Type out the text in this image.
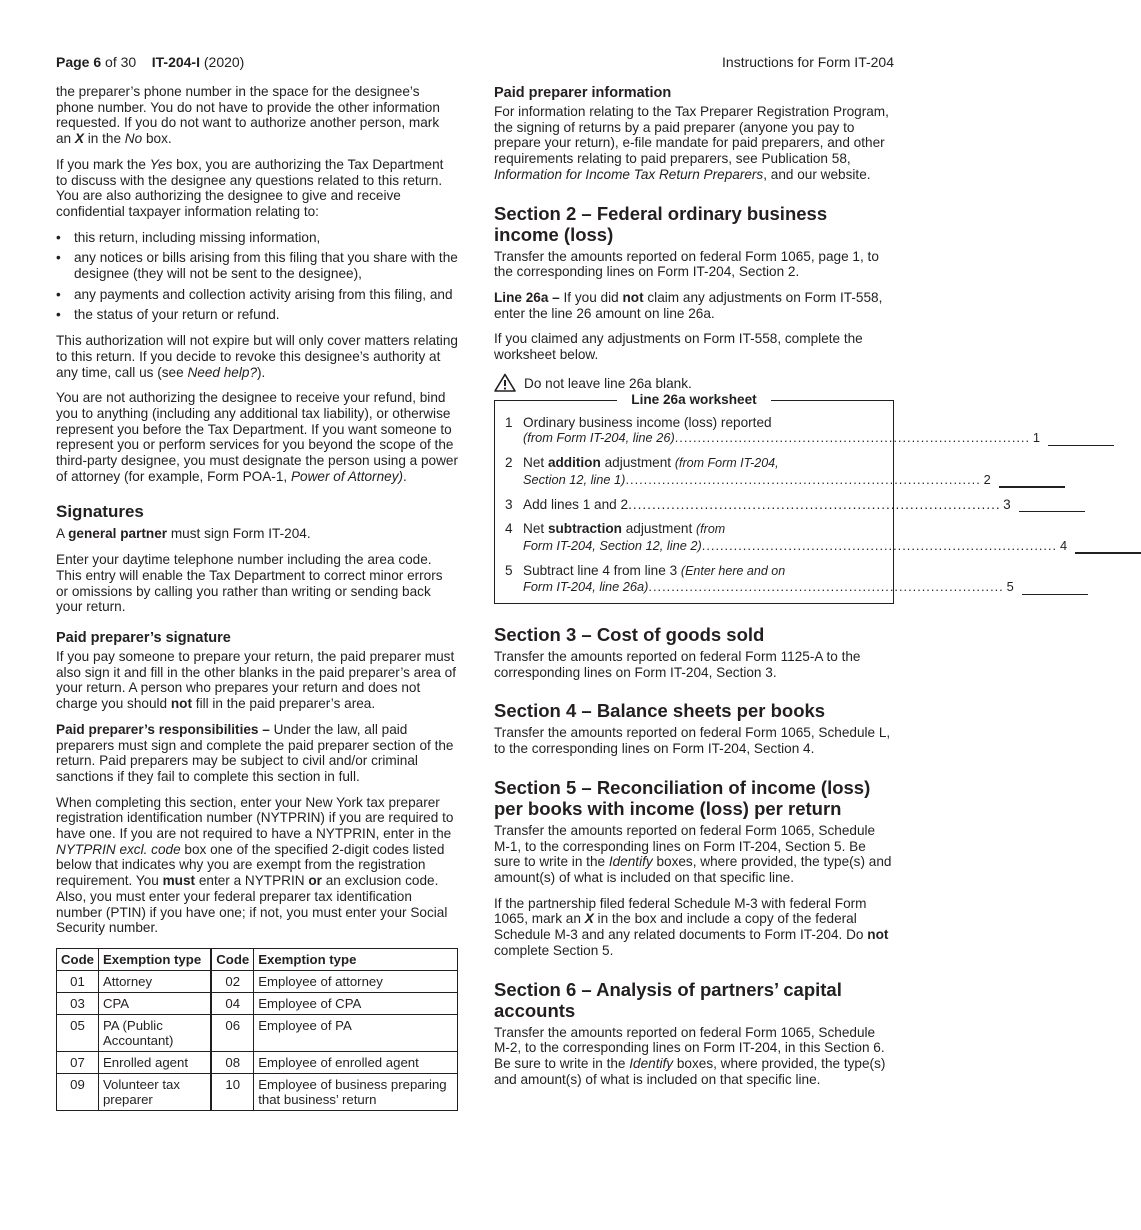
Page 6 of 30 IT-204-I (2020)	Instructions for Form IT-204

the preparer’s phone number in the space for the designee’s phone number. You do not have to provide the other information requested. If you do not want to authorize another person, mark an X in the No box.

If you mark the Yes box, you are authorizing the Tax Department to discuss with the designee any questions related to this return. You are also authorizing the designee to give and receive confidential taxpayer information relating to:

• this return, including missing information,
• any notices or bills arising from this filing that you share with the designee (they will not be sent to the designee),
• any payments and collection activity arising from this filing, and
• the status of your return or refund.

This authorization will not expire but will only cover matters relating to this return. If you decide to revoke this designee’s authority at any time, call us (see Need help?).

You are not authorizing the designee to receive your refund, bind you to anything (including any additional tax liability), or otherwise represent you before the Tax Department. If you want someone to represent you or perform services for you beyond the scope of the third-party designee, you must designate the person using a power of attorney (for example, Form POA-1, Power of Attorney).

Signatures

A general partner must sign Form IT-204.

Enter your daytime telephone number including the area code. This entry will enable the Tax Department to correct minor errors or omissions by calling you rather than writing or sending back your return.

Paid preparer’s signature

If you pay someone to prepare your return, the paid preparer must also sign it and fill in the other blanks in the paid preparer’s area of your return. A person who prepares your return and does not charge you should not fill in the paid preparer’s area.

Paid preparer’s responsibilities – Under the law, all paid preparers must sign and complete the paid preparer section of the return. Paid preparers may be subject to civil and/or criminal sanctions if they fail to complete this section in full.

When completing this section, enter your New York tax preparer registration identification number (NYTPRIN) if you are required to have one. If you are not required to have a NYTPRIN, enter in the NYTPRIN excl. code box one of the specified 2-digit codes listed below that indicates why you are exempt from the registration requirement. You must enter a NYTPRIN or an exclusion code. Also, you must enter your federal preparer tax identification number (PTIN) if you have one; if not, you must enter your Social Security number.

Code	Exemption type	Code	Exemption type
01	Attorney	02	Employee of attorney
03	CPA	04	Employee of CPA
05	PA (Public Accountant)	06	Employee of PA
07	Enrolled agent	08	Employee of enrolled agent
09	Volunteer tax preparer	10	Employee of business preparing that business’ return
Paid preparer information

For information relating to the Tax Preparer Registration Program, the signing of returns by a paid preparer (anyone you pay to prepare your return), e-file mandate for paid preparers, and other requirements relating to paid preparers, see Publication 58, Information for Income Tax Return Preparers, and our website.

Section 2 – Federal ordinary business income (loss)

Transfer the amounts reported on federal Form 1065, page 1, to the corresponding lines on Form IT-204, Section 2.

Line 26a – If you did not claim any adjustments on Form IT-558, enter the line 26 amount on line 26a.

If you claimed any adjustments on Form IT-558, complete the worksheet below.

Do not leave line 26a blank.
Line 26a worksheet
1 Ordinary business income (loss) reported
(from Form IT-204, line 26) .............................................................................. 1
2 Net addition adjustment (from Form IT-204,
Section 12, line 1) .............................................................................. 2
3 Add lines 1 and 2 .............................................................................. 3
4 Net subtraction adjustment (from
Form IT-204, Section 12, line 2) .............................................................................. 4
5 Subtract line 4 from line 3 (Enter here and on
Form IT-204, line 26a) .............................................................................. 5
Section 3 – Cost of goods sold

Transfer the amounts reported on federal Form 1125-A to the corresponding lines on Form IT-204, Section 3.

Section 4 – Balance sheets per books

Transfer the amounts reported on federal Form 1065, Schedule L, to the corresponding lines on Form IT-204, Section 4.

Section 5 – Reconciliation of income (loss) per books with income (loss) per return

Transfer the amounts reported on federal Form 1065, Schedule M-1, to the corresponding lines on Form IT-204, Section 5. Be sure to write in the Identify boxes, where provided, the type(s) and amount(s) of what is included on that specific line.

If the partnership filed federal Schedule M-3 with federal Form 1065, mark an X in the box and include a copy of the federal Schedule M-3 and any related documents to Form IT-204. Do not complete Section 5.

Section 6 – Analysis of partners’ capital accounts

Transfer the amounts reported on federal Form 1065, Schedule M-2, to the corresponding lines on Form IT-204, in this Section 6. Be sure to write in the Identify boxes, where provided, the type(s) and amount(s) of what is included on that specific line.
